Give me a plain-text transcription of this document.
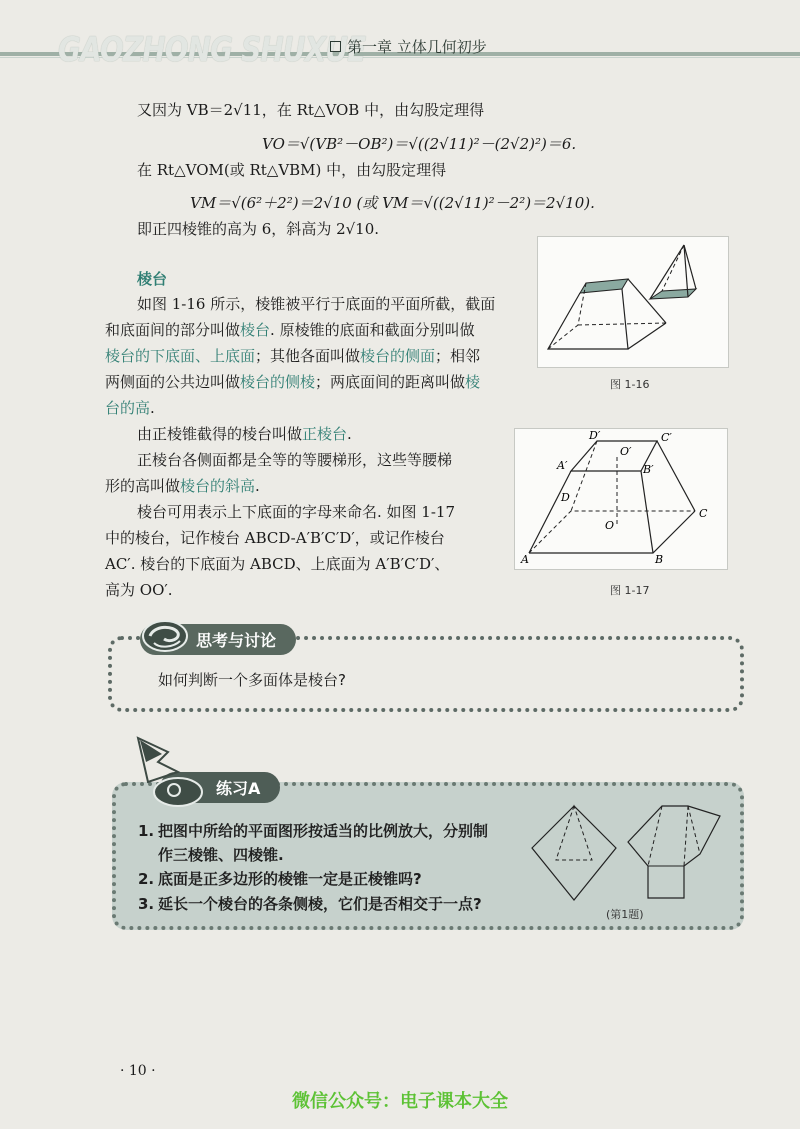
GAOZHONG SHUXUE
第一章 立体几何初步
又因为 VB＝2√11，在 Rt△VOB 中，由勾股定理得
VO＝√(VB²－OB²)＝√((2√11)²－(2√2)²)＝6.
在 Rt△VOM(或 Rt△VBM) 中，由勾股定理得
VM＝√(6²＋2²)＝2√10 (或 VM＝√((2√11)²－2²)＝2√10).
即正四棱锥的高为 6，斜高为 2√10.
棱台
如图 1-16 所示，棱锥被平行于底面的平面所截，截面
和底面间的部分叫做棱台. 原棱锥的底面和截面分别叫做
棱台的下底面、上底面；其他各面叫做棱台的侧面；相邻
两侧面的公共边叫做棱台的侧棱；两底面间的距离叫做棱
台的高.
由正棱锥截得的棱台叫做正棱台.
正棱台各侧面都是全等的等腰梯形，这些等腰梯
形的高叫做棱台的斜高.
棱台可用表示上下底面的字母来命名. 如图 1-17
中的棱台，记作棱台 ABCD-A′B′C′D′，或记作棱台
AC′. 棱台的下底面为 ABCD、上底面为 A′B′C′D′、
高为 OO′.
图 1-16
D′	C′
A′	B′
O′
D
O
C
A	B
图 1-17
思考与讨论
如何判断一个多面体是棱台?
练习A
1. 把图中所给的平面图形按适当的比例放大，分别制
作三棱锥、四棱锥.
2. 底面是正多边形的棱锥一定是正棱锥吗?
3. 延长一个棱台的各条侧棱，它们是否相交于一点?
(第1题)
· 10 ·
微信公众号：电子课本大全
